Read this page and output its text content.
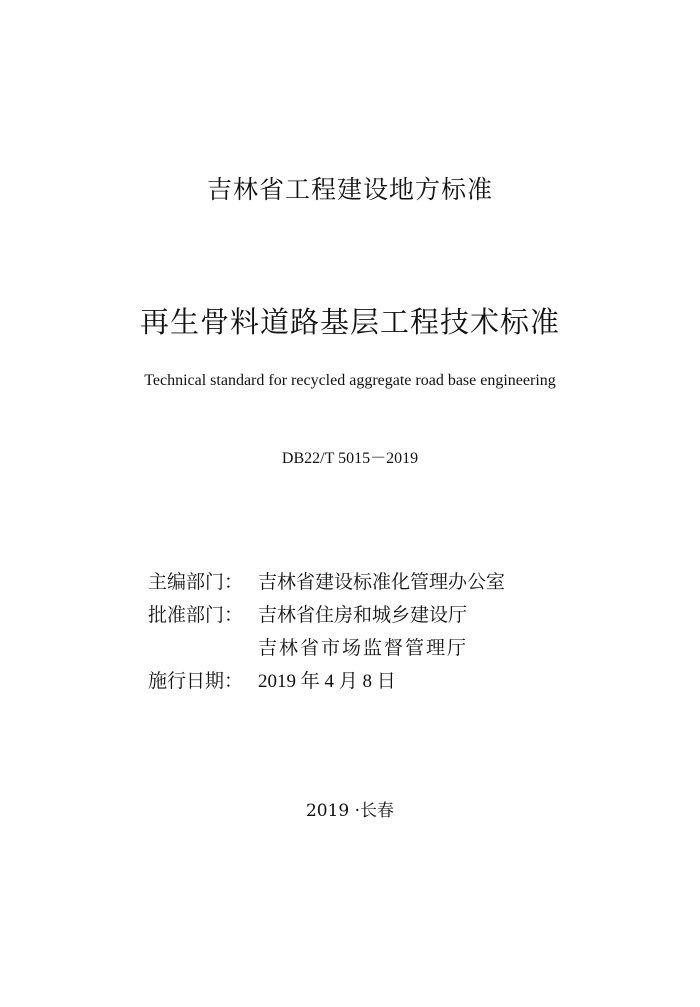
吉林省工程建设地方标准
再生骨料道路基层工程技术标准
Technical standard for recycled aggregate road base engineering
DB22/T 5015－2019
主编部门： 吉林省建设标准化管理办公室
批准部门： 吉林省住房和城乡建设厅
吉林省市场监督管理厅
施行日期： 2019 年 4 月 8 日
2019 ·长春
